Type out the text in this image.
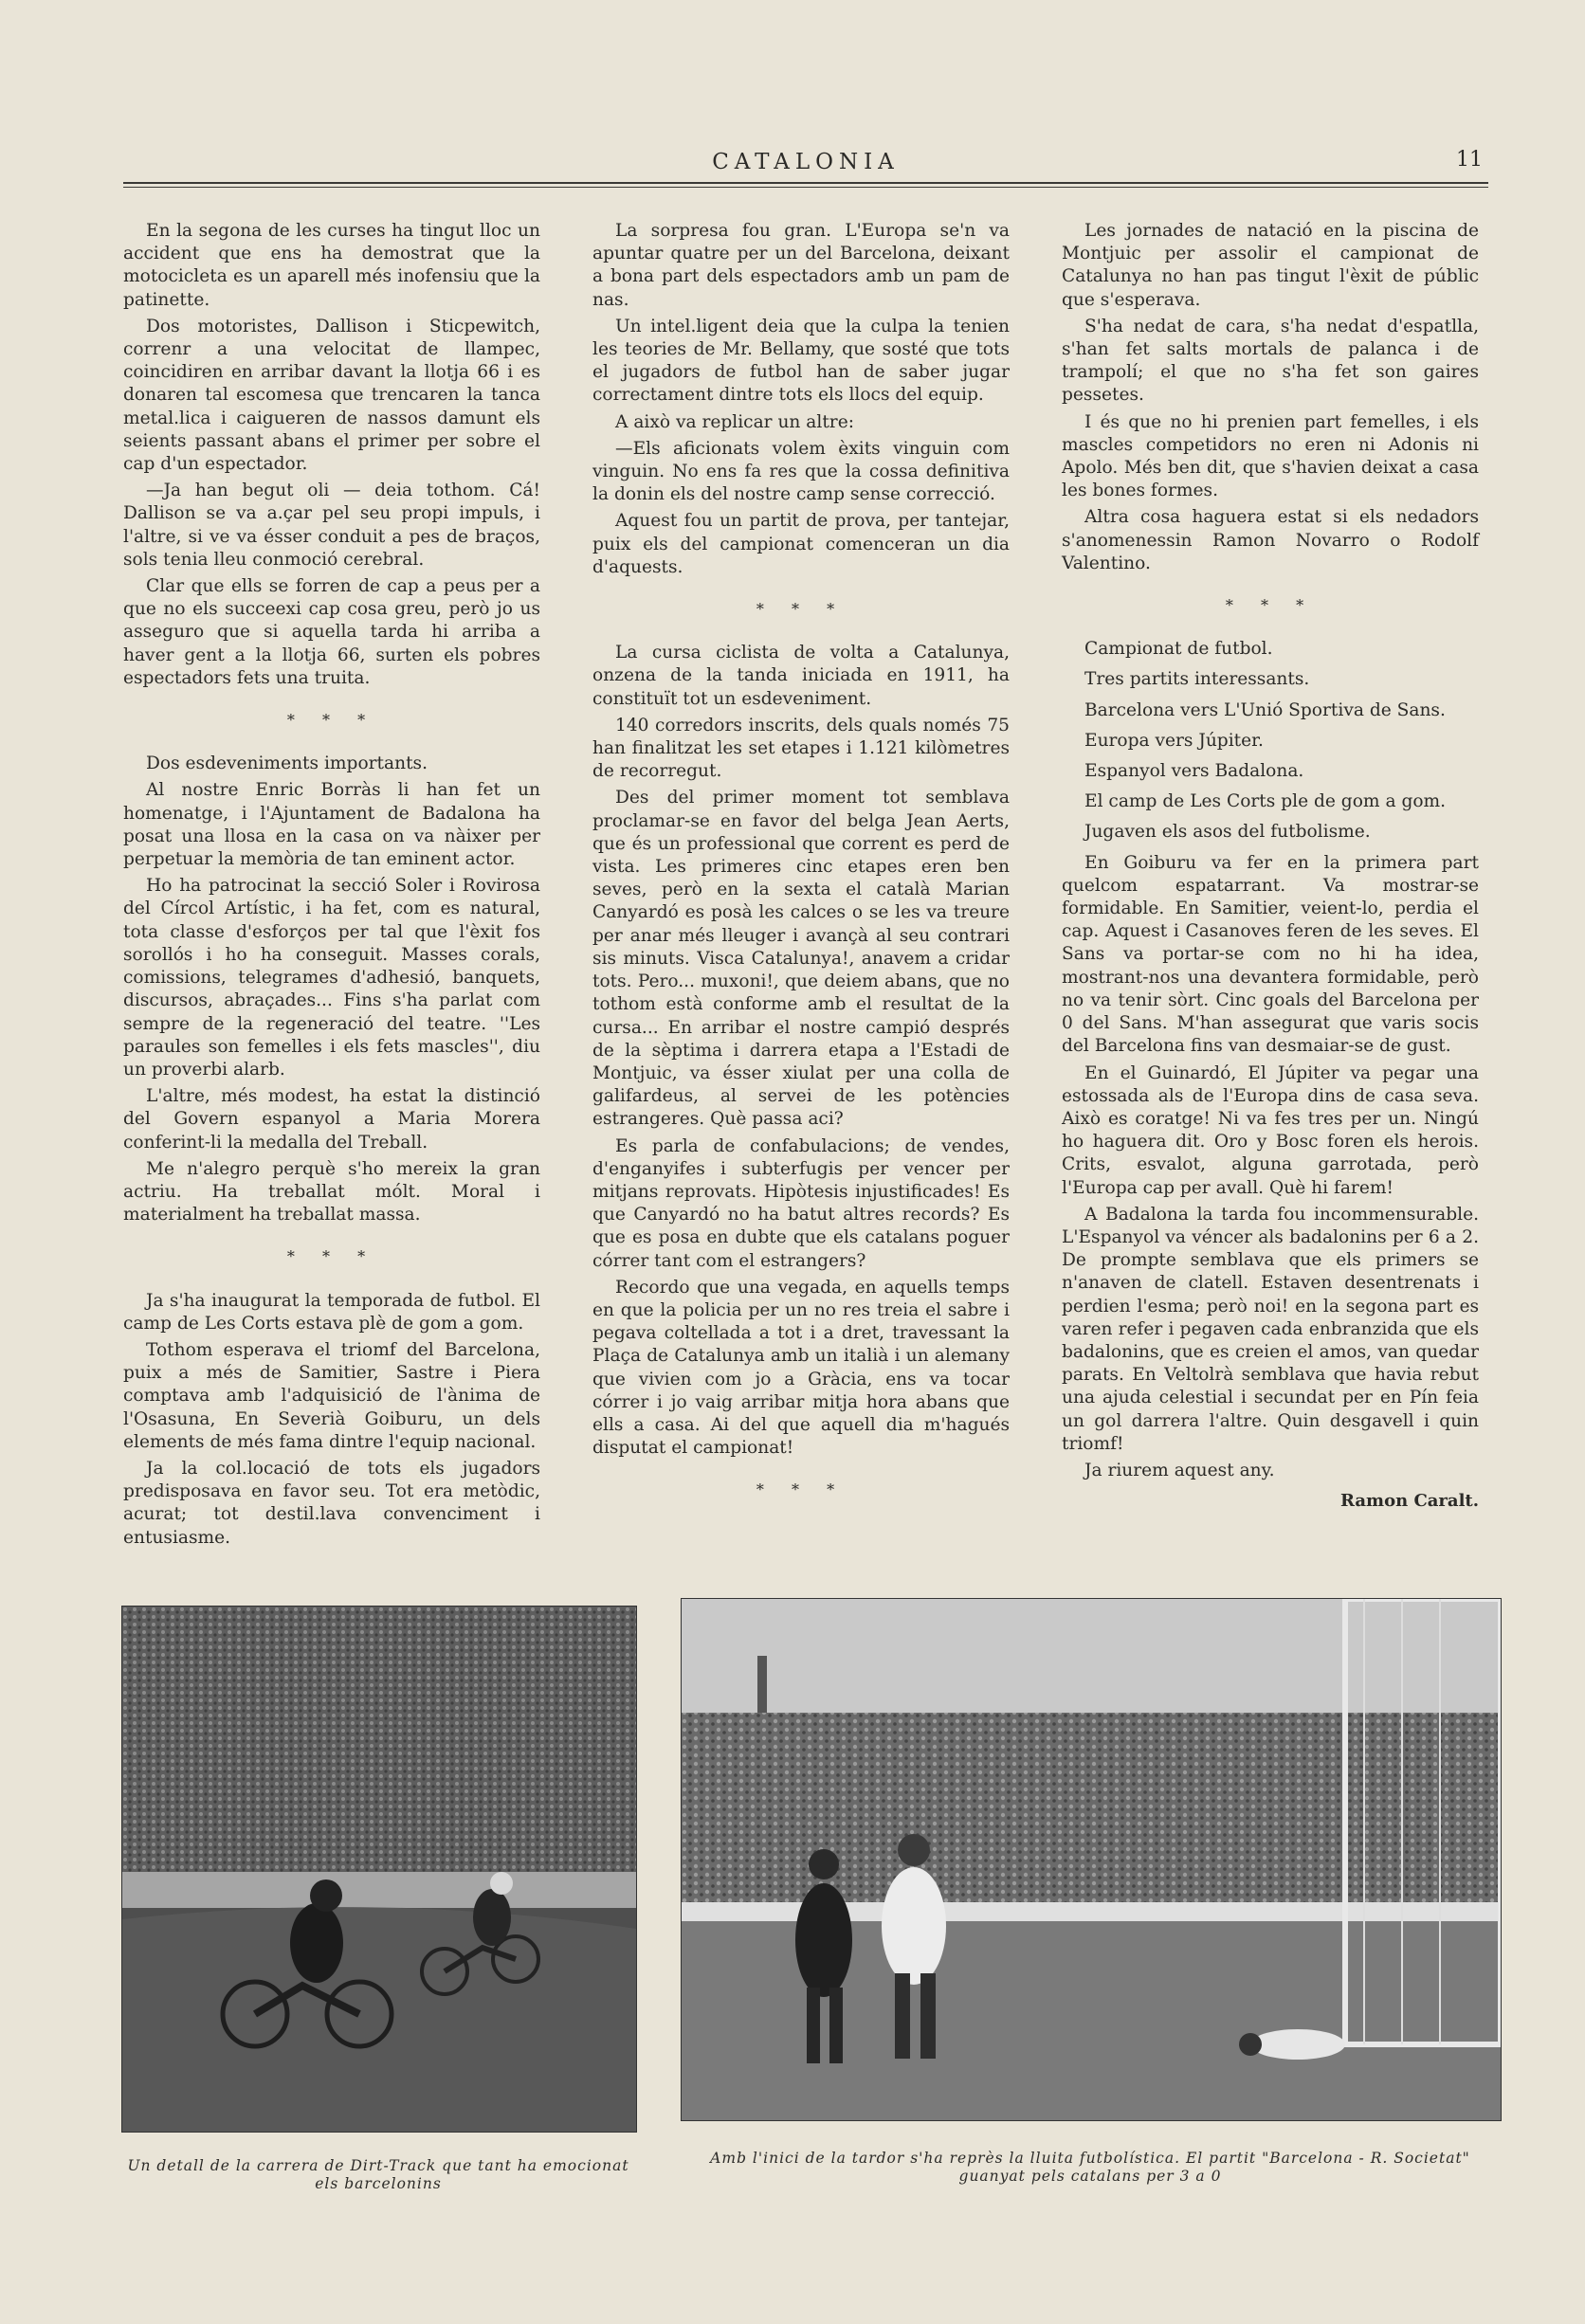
CATALONIA	11

En la segona de les curses ha tingut lloc un accident que ens ha demostrat que la motocicleta es un aparell més inofensiu que la patinette.

Dos motoristes, Dallison i Sticpewitch, correnr a una velocitat de llampec, coincidiren en arribar davant la llotja 66 i es donaren tal escomesa que trencaren la tanca metal.lica i caigueren de nassos damunt els seients passant abans el primer per sobre el cap d'un espectador.

—Ja han begut oli — deia tothom. Cá! Dallison se va a.çar pel seu propi impuls, i l'altre, si ve va ésser conduit a pes de braços, sols tenia lleu conmoció cerebral.

Clar que ells se forren de cap a peus per a que no els succeexi cap cosa greu, però jo us asseguro que si aquella tarda hi arriba a haver gent a la llotja 66, surten els pobres espectadors fets una truita.

* * *

Dos esdeveniments importants.

Al nostre Enric Borràs li han fet un homenatge, i l'Ajuntament de Badalona ha posat una llosa en la casa on va nàixer per perpetuar la memòria de tan eminent actor.

Ho ha patrocinat la secció Soler i Rovirosa del Círcol Artístic, i ha fet, com es natural, tota classe d'esforços per tal que l'èxit fos sorollós i ho ha conseguit. Masses corals, comissions, telegrames d'adhesió, banquets, discursos, abraçades... Fins s'ha parlat com sempre de la regeneració del teatre. ''Les paraules son femelles i els fets mascles'', diu un proverbi alarb.

L'altre, més modest, ha estat la distinció del Govern espanyol a Maria Morera conferint-li la medalla del Treball.

Me n'alegro perquè s'ho mereix la gran actriu. Ha treballat mólt. Moral i materialment ha treballat massa.

* * *

Ja s'ha inaugurat la temporada de futbol. El camp de Les Corts estava plè de gom a gom.

Tothom esperava el triomf del Barcelona, puix a més de Samitier, Sastre i Piera comptava amb l'adquisició de l'ànima de l'Osasuna, En Severià Goiburu, un dels elements de més fama dintre l'equip nacional.

Ja la col.locació de tots els jugadors predisposava en favor seu. Tot era metòdic, acurat; tot destil.lava convenciment i entusiasme.

La sorpresa fou gran. L'Europa se'n va apuntar quatre per un del Barcelona, deixant a bona part dels espectadors amb un pam de nas.

Un intel.ligent deia que la culpa la tenien les teories de Mr. Bellamy, que sosté que tots el jugadors de futbol han de saber jugar correctament dintre tots els llocs del equip.

A això va replicar un altre:

—Els aficionats volem èxits vinguin com vinguin. No ens fa res que la cossa definitiva la donin els del nostre camp sense correcció.

Aquest fou un partit de prova, per tantejar, puix els del campionat comenceran un dia d'aquests.

* * *

La cursa ciclista de volta a Catalunya, onzena de la tanda iniciada en 1911, ha constituït tot un esdeveniment.

140 corredors inscrits, dels quals només 75 han finalitzat les set etapes i 1.121 kilòmetres de recorregut.

Des del primer moment tot semblava proclamar-se en favor del belga Jean Aerts, que és un professional que corrent es perd de vista. Les primeres cinc etapes eren ben seves, però en la sexta el català Marian Canyardó es posà les calces o se les va treure per anar més lleuger i avançà al seu contrari sis minuts. Visca Catalunya!, anavem a cridar tots. Pero... muxoni!, que deiem abans, que no tothom està conforme amb el resultat de la cursa... En arribar el nostre campió després de la sèptima i darrera etapa a l'Estadi de Montjuic, va ésser xiulat per una colla de galifardeus, al servei de les potències estrangeres. Què passa aci?

Es parla de confabulacions; de vendes, d'enganyifes i subterfugis per vencer per mitjans reprovats. Hipòtesis injustificades! Es que Canyardó no ha batut altres records? Es que es posa en dubte que els catalans poguer córrer tant com el estrangers?

Recordo que una vegada, en aquells temps en que la policia per un no res treia el sabre i pegava coltellada a tot i a dret, travessant la Plaça de Catalunya amb un italià i un alemany que vivien com jo a Gràcia, ens va tocar córrer i jo vaig arribar mitja hora abans que ells a casa. Ai del que aquell dia m'hagués disputat el campionat!

* * *

Les jornades de natació en la piscina de Montjuic per assolir el campionat de Catalunya no han pas tingut l'èxit de públic que s'esperava.

S'ha nedat de cara, s'ha nedat d'espatlla, s'han fet salts mortals de palanca i de trampolí; el que no s'ha fet son gaires pessetes.

I és que no hi prenien part femelles, i els mascles competidors no eren ni Adonis ni Apolo. Més ben dit, que s'havien deixat a casa les bones formes.

Altra cosa haguera estat si els nedadors s'anomenessin Ramon Novarro o Rodolf Valentino.

* * *

Campionat de futbol.

Tres partits interessants.

Barcelona vers L'Unió Sportiva de Sans.

Europa vers Júpiter.

Espanyol vers Badalona.

El camp de Les Corts ple de gom a gom.

Jugaven els asos del futbolisme.

En Goiburu va fer en la primera part quelcom espatarrant. Va mostrar-se formidable. En Samitier, veient-lo, perdia el cap. Aquest i Casanoves feren de les seves. El Sans va portar-se com no hi ha idea, mostrant-nos una devantera formidable, però no va tenir sòrt. Cinc goals del Barcelona per 0 del Sans. M'han assegurat que varis socis del Barcelona fins van desmaiar-se de gust.

En el Guinardó, El Júpiter va pegar una estossada als de l'Europa dins de casa seva. Això es coratge! Ni va fes tres per un. Ningú ho haguera dit. Oro y Bosc foren els herois. Crits, esvalot, alguna garrotada, però l'Europa cap per avall. Què hi farem!

A Badalona la tarda fou incommensurable. L'Espanyol va véncer als badalonins per 6 a 2. De prompte semblava que els primers se n'anaven de clatell. Estaven desentrenats i perdien l'esma; però noi! en la segona part es varen refer i pegaven cada enbranzida que els badalonins, que es creien el amos, van quedar parats. En Veltolrà semblava que havia rebut una ajuda celestial i secundat per en Pín feia un gol darrera l'altre. Quin desgavell i quin triomf!

Ja riurem aquest any.

Ramon Caralt.
Un detall de la carrera de Dirt-Track que tant ha emocionat els barcelonins
Amb l'inici de la tardor s'ha reprès la lluita futbolística. El partit "Barcelona - R. Societat" guanyat pels catalans per 3 a 0
